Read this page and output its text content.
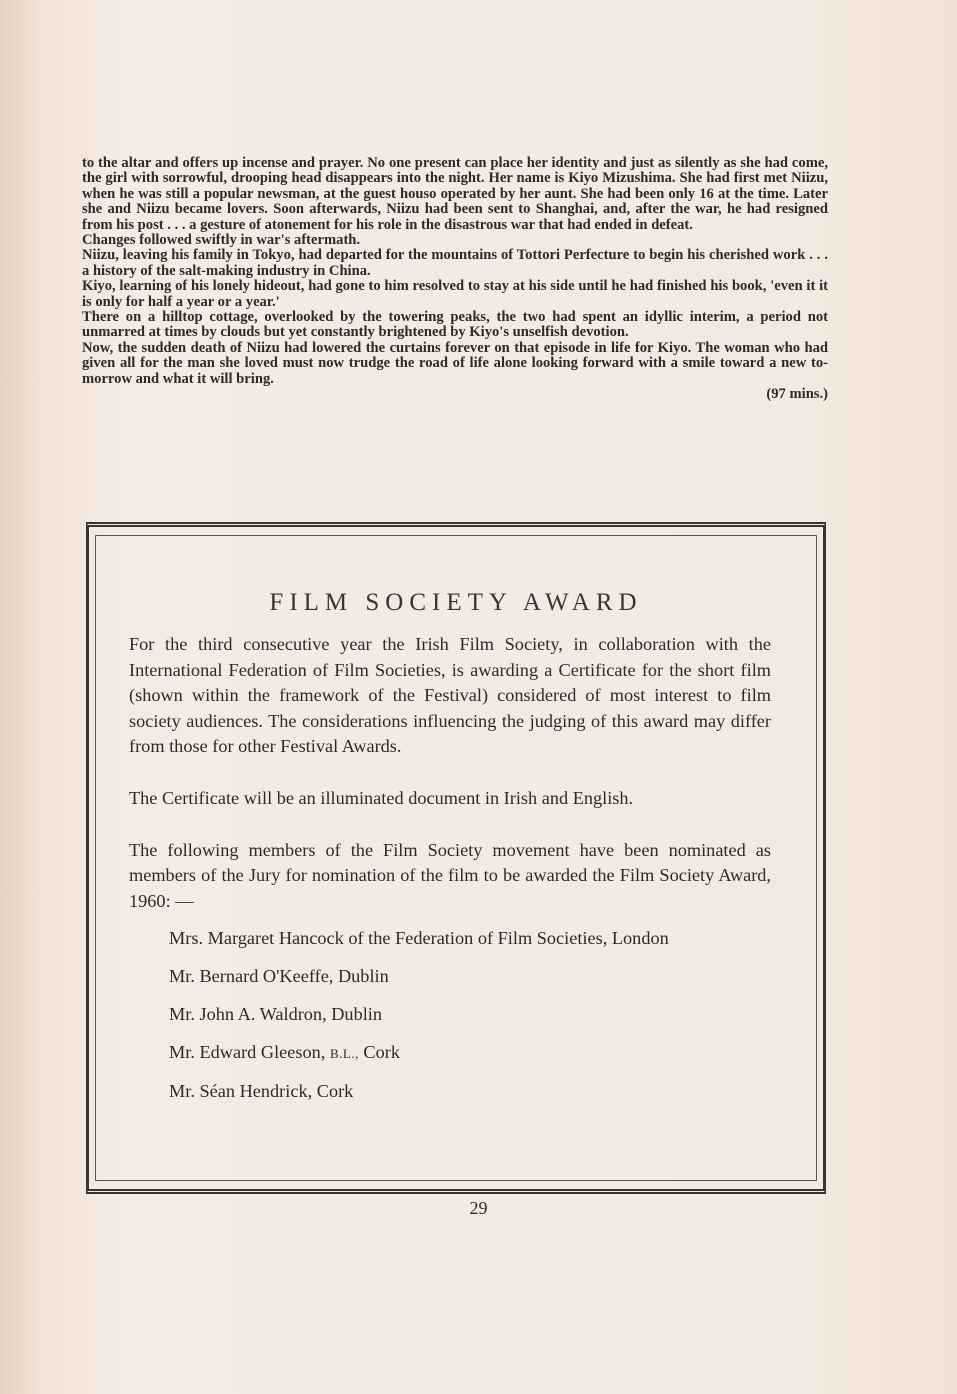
to the altar and offers up incense and prayer. No one present can place her identity and just as silently as she had come, the girl with sorrowful, drooping head disappears into the night. Her name is Kiyo Mizushima. She had first met Niizu, when he was still a popular newsman, at the guest houso operated by her aunt. She had been only 16 at the time. Later she and Niizu became lovers. Soon afterwards, Niizu had been sent to Shanghai, and, after the war, he had resigned from his post . . . a gesture of atonement for his role in the disastrous war that had ended in defeat.

Changes followed swiftly in war's aftermath.

Niizu, leaving his family in Tokyo, had departed for the mountains of Tottori Perfecture to begin his cherished work . . . a history of the salt-making industry in China.

Kiyo, learning of his lonely hideout, had gone to him resolved to stay at his side until he had finished his book, 'even it it is only for half a year or a year.'

There on a hilltop cottage, overlooked by the towering peaks, the two had spent an idyllic interim, a period not unmarred at times by clouds but yet constantly brightened by Kiyo's unselfish devotion.

Now, the sudden death of Niizu had lowered the curtains forever on that episode in life for Kiyo. The woman who had given all for the man she loved must now trudge the road of life alone looking forward with a smile toward a new to-morrow and what it will bring.

(97 mins.)

FILM SOCIETY AWARD

For the third consecutive year the Irish Film Society, in collaboration with the International Federation of Film Societies, is awarding a Certificate for the short film (shown within the framework of the Festival) considered of most interest to film society audiences. The considerations influencing the judging of this award may differ from those for other Festival Awards.

The Certificate will be an illuminated document in Irish and English.

The following members of the Film Society movement have been nominated as members of the Jury for nomination of the film to be awarded the Film Society Award, 1960: —

Mrs. Margaret Hancock of the Federation of Film Societies, London
Mr. Bernard O'Keeffe, Dublin
Mr. John A. Waldron, Dublin
Mr. Edward Gleeson, B.L., Cork
Mr. Séan Hendrick, Cork
29
